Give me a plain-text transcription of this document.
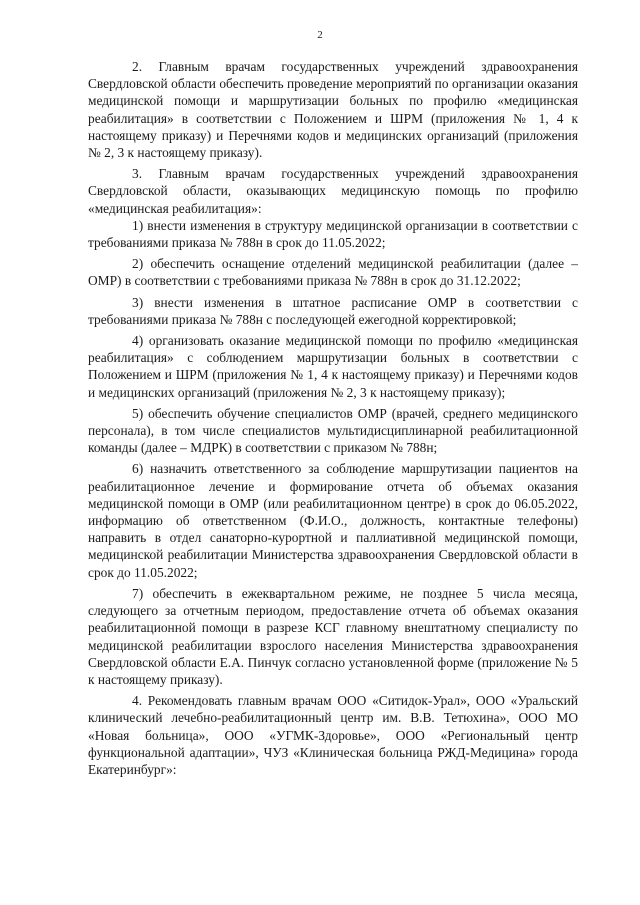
2

2. Главным врачам государственных учреждений здравоохранения Свердловской области обеспечить проведение мероприятий по организации оказания медицинской помощи и маршрутизации больных по профилю «медицинская реабилитация» в соответствии с Положением и ШРМ (приложения № 1, 4 к настоящему приказу) и Перечнями кодов и медицинских организаций (приложения № 2, 3 к настоящему приказу).

3. Главным врачам государственных учреждений здравоохранения Свердловской области, оказывающих медицинскую помощь по профилю «медицинская реабилитация»:

1) внести изменения в структуру медицинской организации в соответствии с требованиями приказа № 788н в срок до 11.05.2022;

2) обеспечить оснащение отделений медицинской реабилитации (далее – ОМР) в соответствии с требованиями приказа № 788н в срок до 31.12.2022;

3) внести изменения в штатное расписание ОМР в соответствии с требованиями приказа № 788н с последующей ежегодной корректировкой;

4) организовать оказание медицинской помощи по профилю «медицинская реабилитация» с соблюдением маршрутизации больных в соответствии с Положением и ШРМ (приложения № 1, 4 к настоящему приказу) и Перечнями кодов и медицинских организаций (приложения № 2, 3 к настоящему приказу);

5) обеспечить обучение специалистов ОМР (врачей, среднего медицинского персонала), в том числе специалистов мультидисциплинарной реабилитационной команды (далее – МДРК) в соответствии с приказом № 788н;

6) назначить ответственного за соблюдение маршрутизации пациентов на реабилитационное лечение и формирование отчета об объемах оказания медицинской помощи в ОМР (или реабилитационном центре) в срок до 06.05.2022, информацию об ответственном (Ф.И.О., должность, контактные телефоны) направить в отдел санаторно-курортной и паллиативной медицинской помощи, медицинской реабилитации Министерства здравоохранения Свердловской области в срок до 11.05.2022;

7) обеспечить в ежеквартальном режиме, не позднее 5 числа месяца, следующего за отчетным периодом, предоставление отчета об объемах оказания реабилитационной помощи в разрезе КСГ главному внештатному специалисту по медицинской реабилитации взрослого населения Министерства здравоохранения Свердловской области Е.А. Пинчук согласно установленной форме (приложение № 5 к настоящему приказу).

4. Рекомендовать главным врачам ООО «Ситидок-Урал», ООО «Уральский клинический лечебно-реабилитационный центр им. В.В. Тетюхина», ООО МО «Новая больница», ООО «УГМК-Здоровье», ООО «Региональный центр функциональной адаптации», ЧУЗ «Клиническая больница РЖД-Медицина» города Екатеринбург»:
